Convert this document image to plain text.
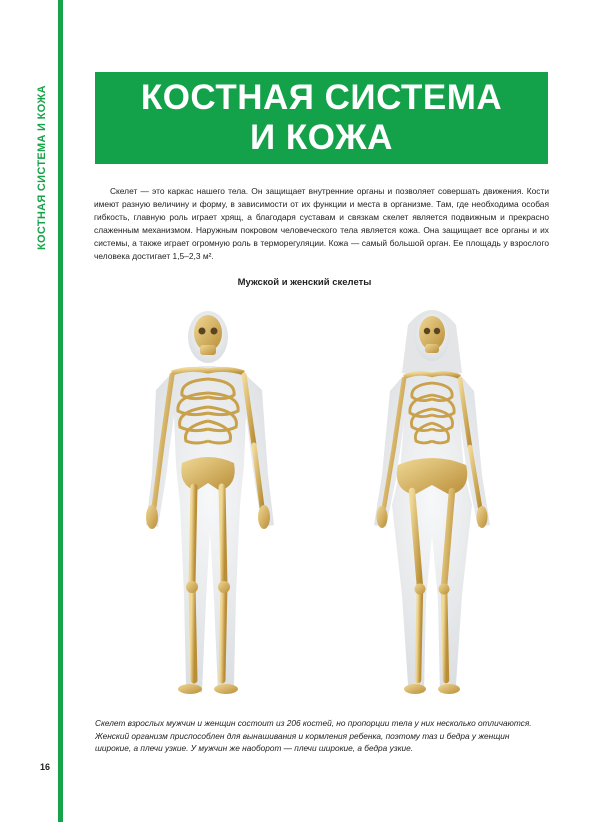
КОСТНАЯ СИСТЕМА И КОЖА	КОСТНАЯ СИСТЕМА
И КОЖА

Скелет — это каркас нашего тела. Он защищает внутренние органы и позволяет совершать движения. Кости имеют разную величину и форму, в зависимости от их функции и места в организме. Там, где необходима особая гибкость, главную роль играет хрящ, а благодаря суставам и связкам скелет является подвижным и прекрасно слаженным механизмом. Наружным покровом человеческого тела является кожа. Она защищает все органы и их системы, а также играет огромную роль в терморегуляции. Кожа — самый большой орган. Ее площадь у взрослого человека достигает 1,5–2,3 м².

Мужской и женский скелеты

Скелет взрослых мужчин и женщин состоит из 206 костей, но пропорции тела у них несколько отличаются. Женский организм приспособлен для вынашивания и кормления ребенка, поэтому таз и бедра у женщин широкие, а плечи узкие. У мужчин же наоборот — плечи широкие, а бедра узкие.

16
